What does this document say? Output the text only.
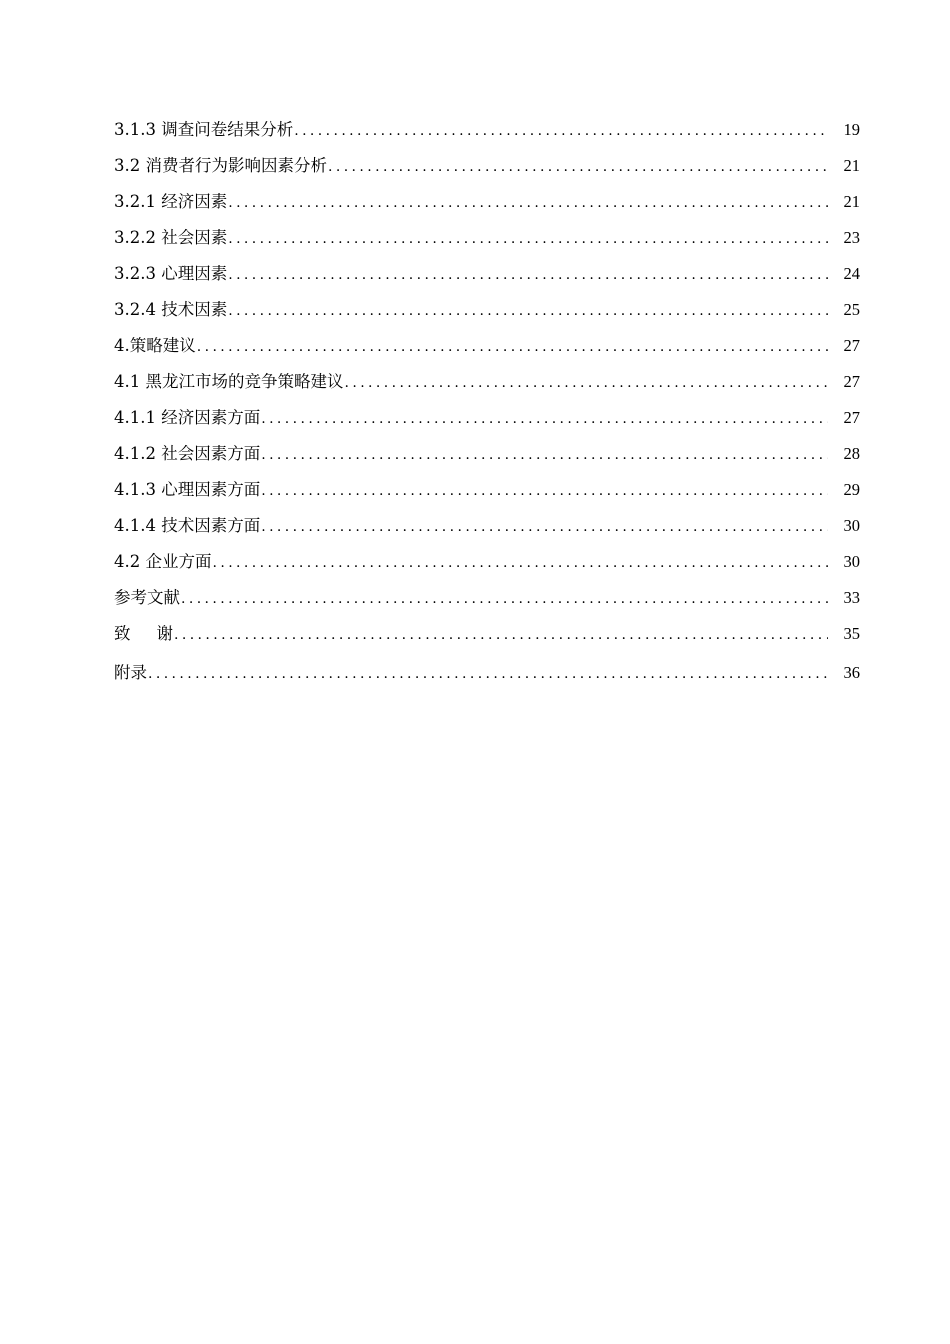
3.1.3 调查问卷结果分析 .....	19
3.2 消费者行为影响因素分析 .....	21
3.2.1 经济因素 .....	21
3.2.2 社会因素 .....	23
3.2.3 心理因素 .....	24
3.2.4 技术因素 .....	25
4.策略建议 .....	27
4.1 黑龙江市场的竞争策略建议 .....	27
4.1.1 经济因素方面 .....	27
4.1.2 社会因素方面 .....	28
4.1.3 心理因素方面 .....	29
4.1.4 技术因素方面 .....	30
4.2 企业方面 .....	30
参考文献 .....	33
致 谢 .....	35
附录 .....	36
